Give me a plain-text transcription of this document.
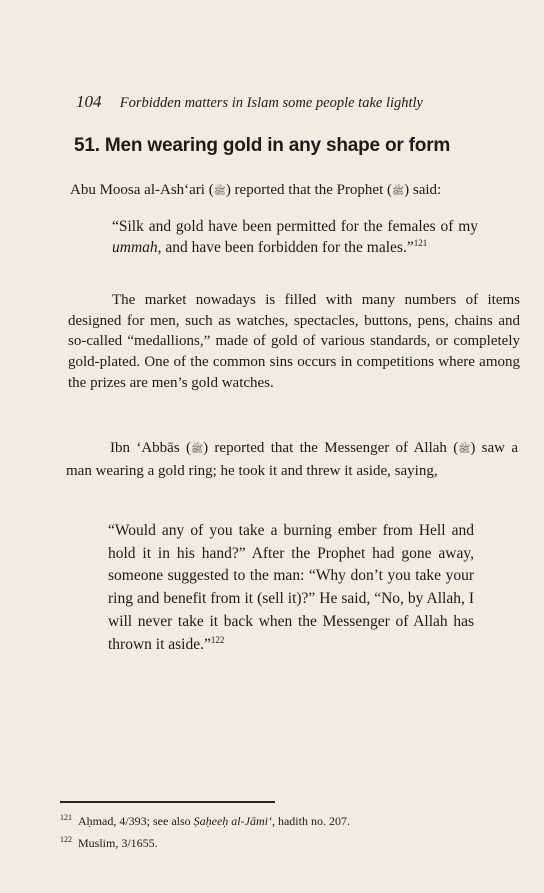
104 Forbidden matters in Islam some people take lightly
51. Men wearing gold in any shape or form
Abu Moosa al-Ash‘ari (ﷺ) reported that the Prophet (ﷺ) said:
“Silk and gold have been permitted for the females of my ummah, and have been forbidden for the males.”$^{121}$
The market nowadays is filled with many numbers of items designed for men, such as watches, spectacles, buttons, pens, chains and so-called “medallions,” made of gold of various standards, or completely gold-plated. One of the common sins occurs in competitions where among the prizes are men’s gold watches.
Ibn ‘Abbās (ﷺ) reported that the Messenger of Allah (ﷺ) saw a man wearing a gold ring; he took it and threw it aside, saying,
“Would any of you take a burning ember from Hell and hold it in his hand?” After the Prophet had gone away, someone suggested to the man: “Why don’t you take your ring and benefit from it (sell it)?” He said, “No, by Allah, I will never take it back when the Messenger of Allah has thrown it aside.”$^{122}$
$^{121}$ Aḥmad, 4/393; see also Ṣaḥeeḥ al-Jāmi‘, hadith no. 207.
$^{122}$ Muslim, 3/1655.
